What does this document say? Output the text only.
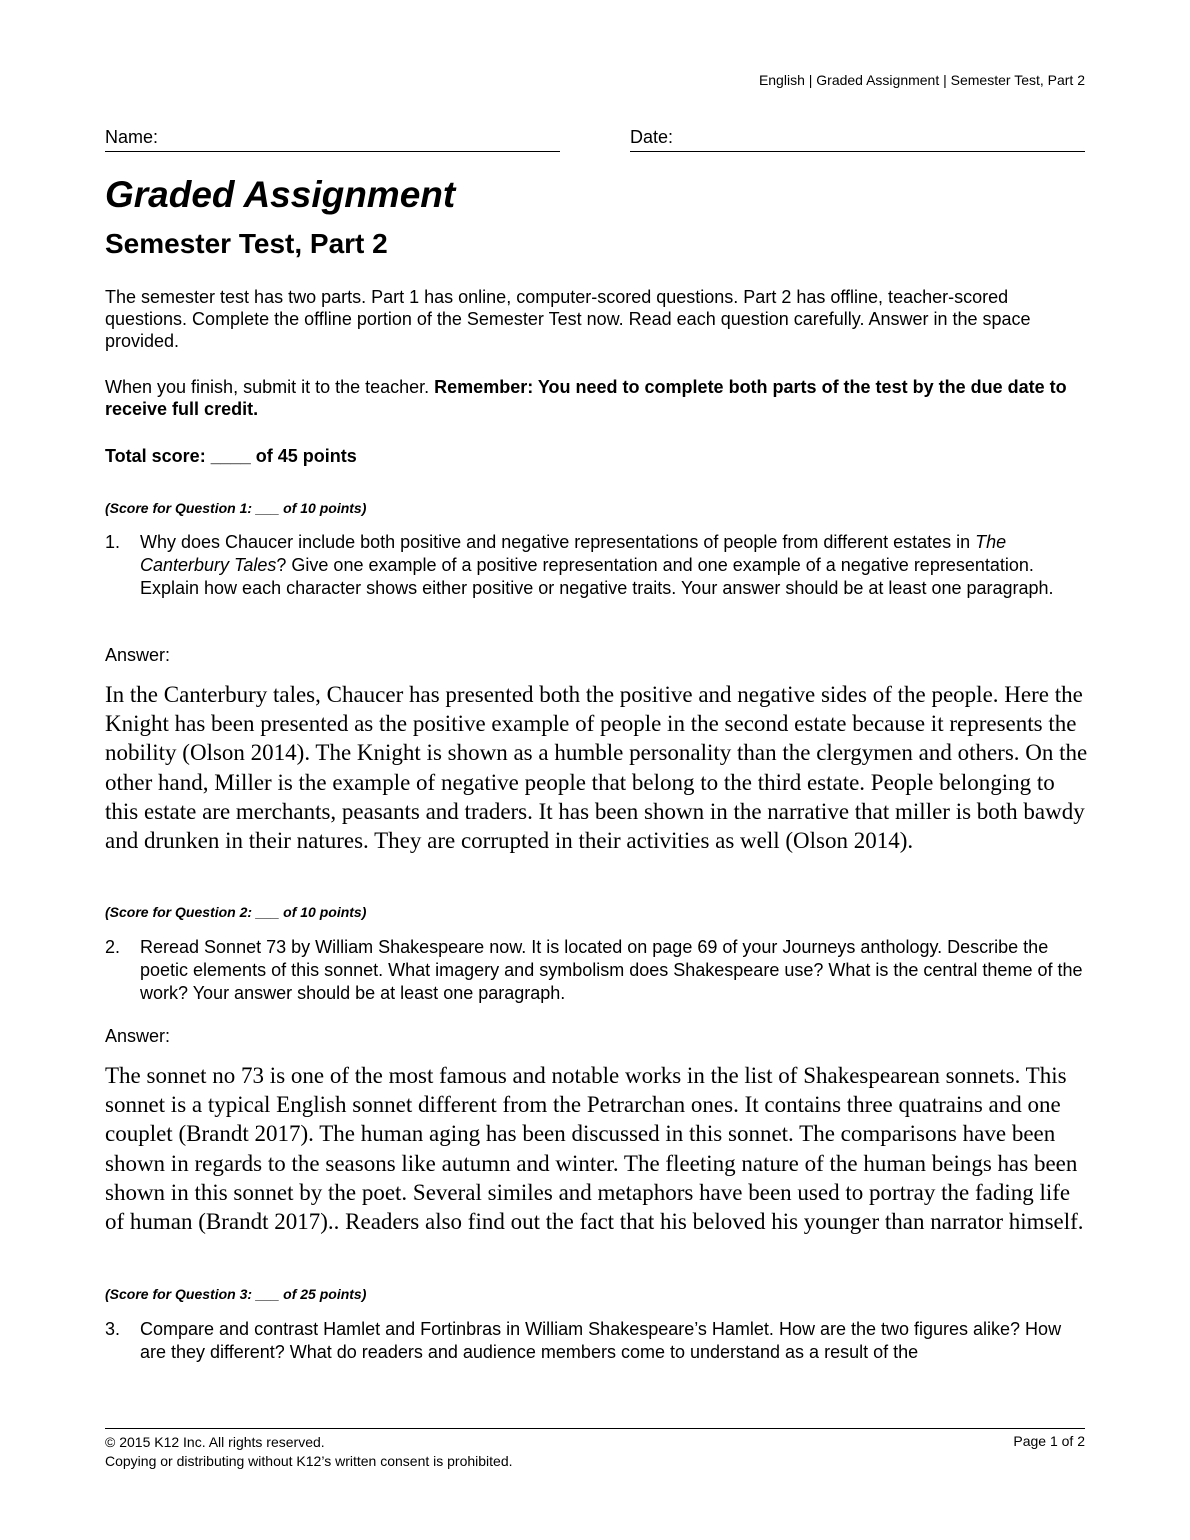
English | Graded Assignment | Semester Test, Part 2
Name:	Date:
Graded Assignment
Semester Test, Part 2
The semester test has two parts. Part 1 has online, computer-scored questions. Part 2 has offline, teacher-scored questions. Complete the offline portion of the Semester Test now. Read each question carefully. Answer in the space provided.
When you finish, submit it to the teacher. Remember: You need to complete both parts of the test by the due date to receive full credit.
Total score: ____ of 45 points
(Score for Question 1: ___ of 10 points)
1. Why does Chaucer include both positive and negative representations of people from different estates in The Canterbury Tales? Give one example of a positive representation and one example of a negative representation. Explain how each character shows either positive or negative traits. Your answer should be at least one paragraph.
Answer:
In the Canterbury tales, Chaucer has presented both the positive and negative sides of the people. Here the Knight has been presented as the positive example of people in the second estate because it represents the nobility (Olson 2014). The Knight is shown as a humble personality than the clergymen and others. On the other hand, Miller is the example of negative people that belong to the third estate. People belonging to this estate are merchants, peasants and traders. It has been shown in the narrative that miller is both bawdy and drunken in their natures. They are corrupted in their activities as well (Olson 2014).
(Score for Question 2: ___ of 10 points)
2. Reread Sonnet 73 by William Shakespeare now. It is located on page 69 of your Journeys anthology. Describe the poetic elements of this sonnet. What imagery and symbolism does Shakespeare use? What is the central theme of the work? Your answer should be at least one paragraph.
Answer:
The sonnet no 73 is one of the most famous and notable works in the list of Shakespearean sonnets. This sonnet is a typical English sonnet different from the Petrarchan ones. It contains three quatrains and one couplet (Brandt 2017). The human aging has been discussed in this sonnet. The comparisons have been shown in regards to the seasons like autumn and winter. The fleeting nature of the human beings has been shown in this sonnet by the poet. Several similes and metaphors have been used to portray the fading life of human (Brandt 2017).. Readers also find out the fact that his beloved his younger than narrator himself.
(Score for Question 3: ___ of 25 points)
3. Compare and contrast Hamlet and Fortinbras in William Shakespeare’s Hamlet. How are the two figures alike? How are they different? What do readers and audience members come to understand as a result of the
© 2015 K12 Inc. All rights reserved.
Copying or distributing without K12’s written consent is prohibited.
Page 1 of 2
